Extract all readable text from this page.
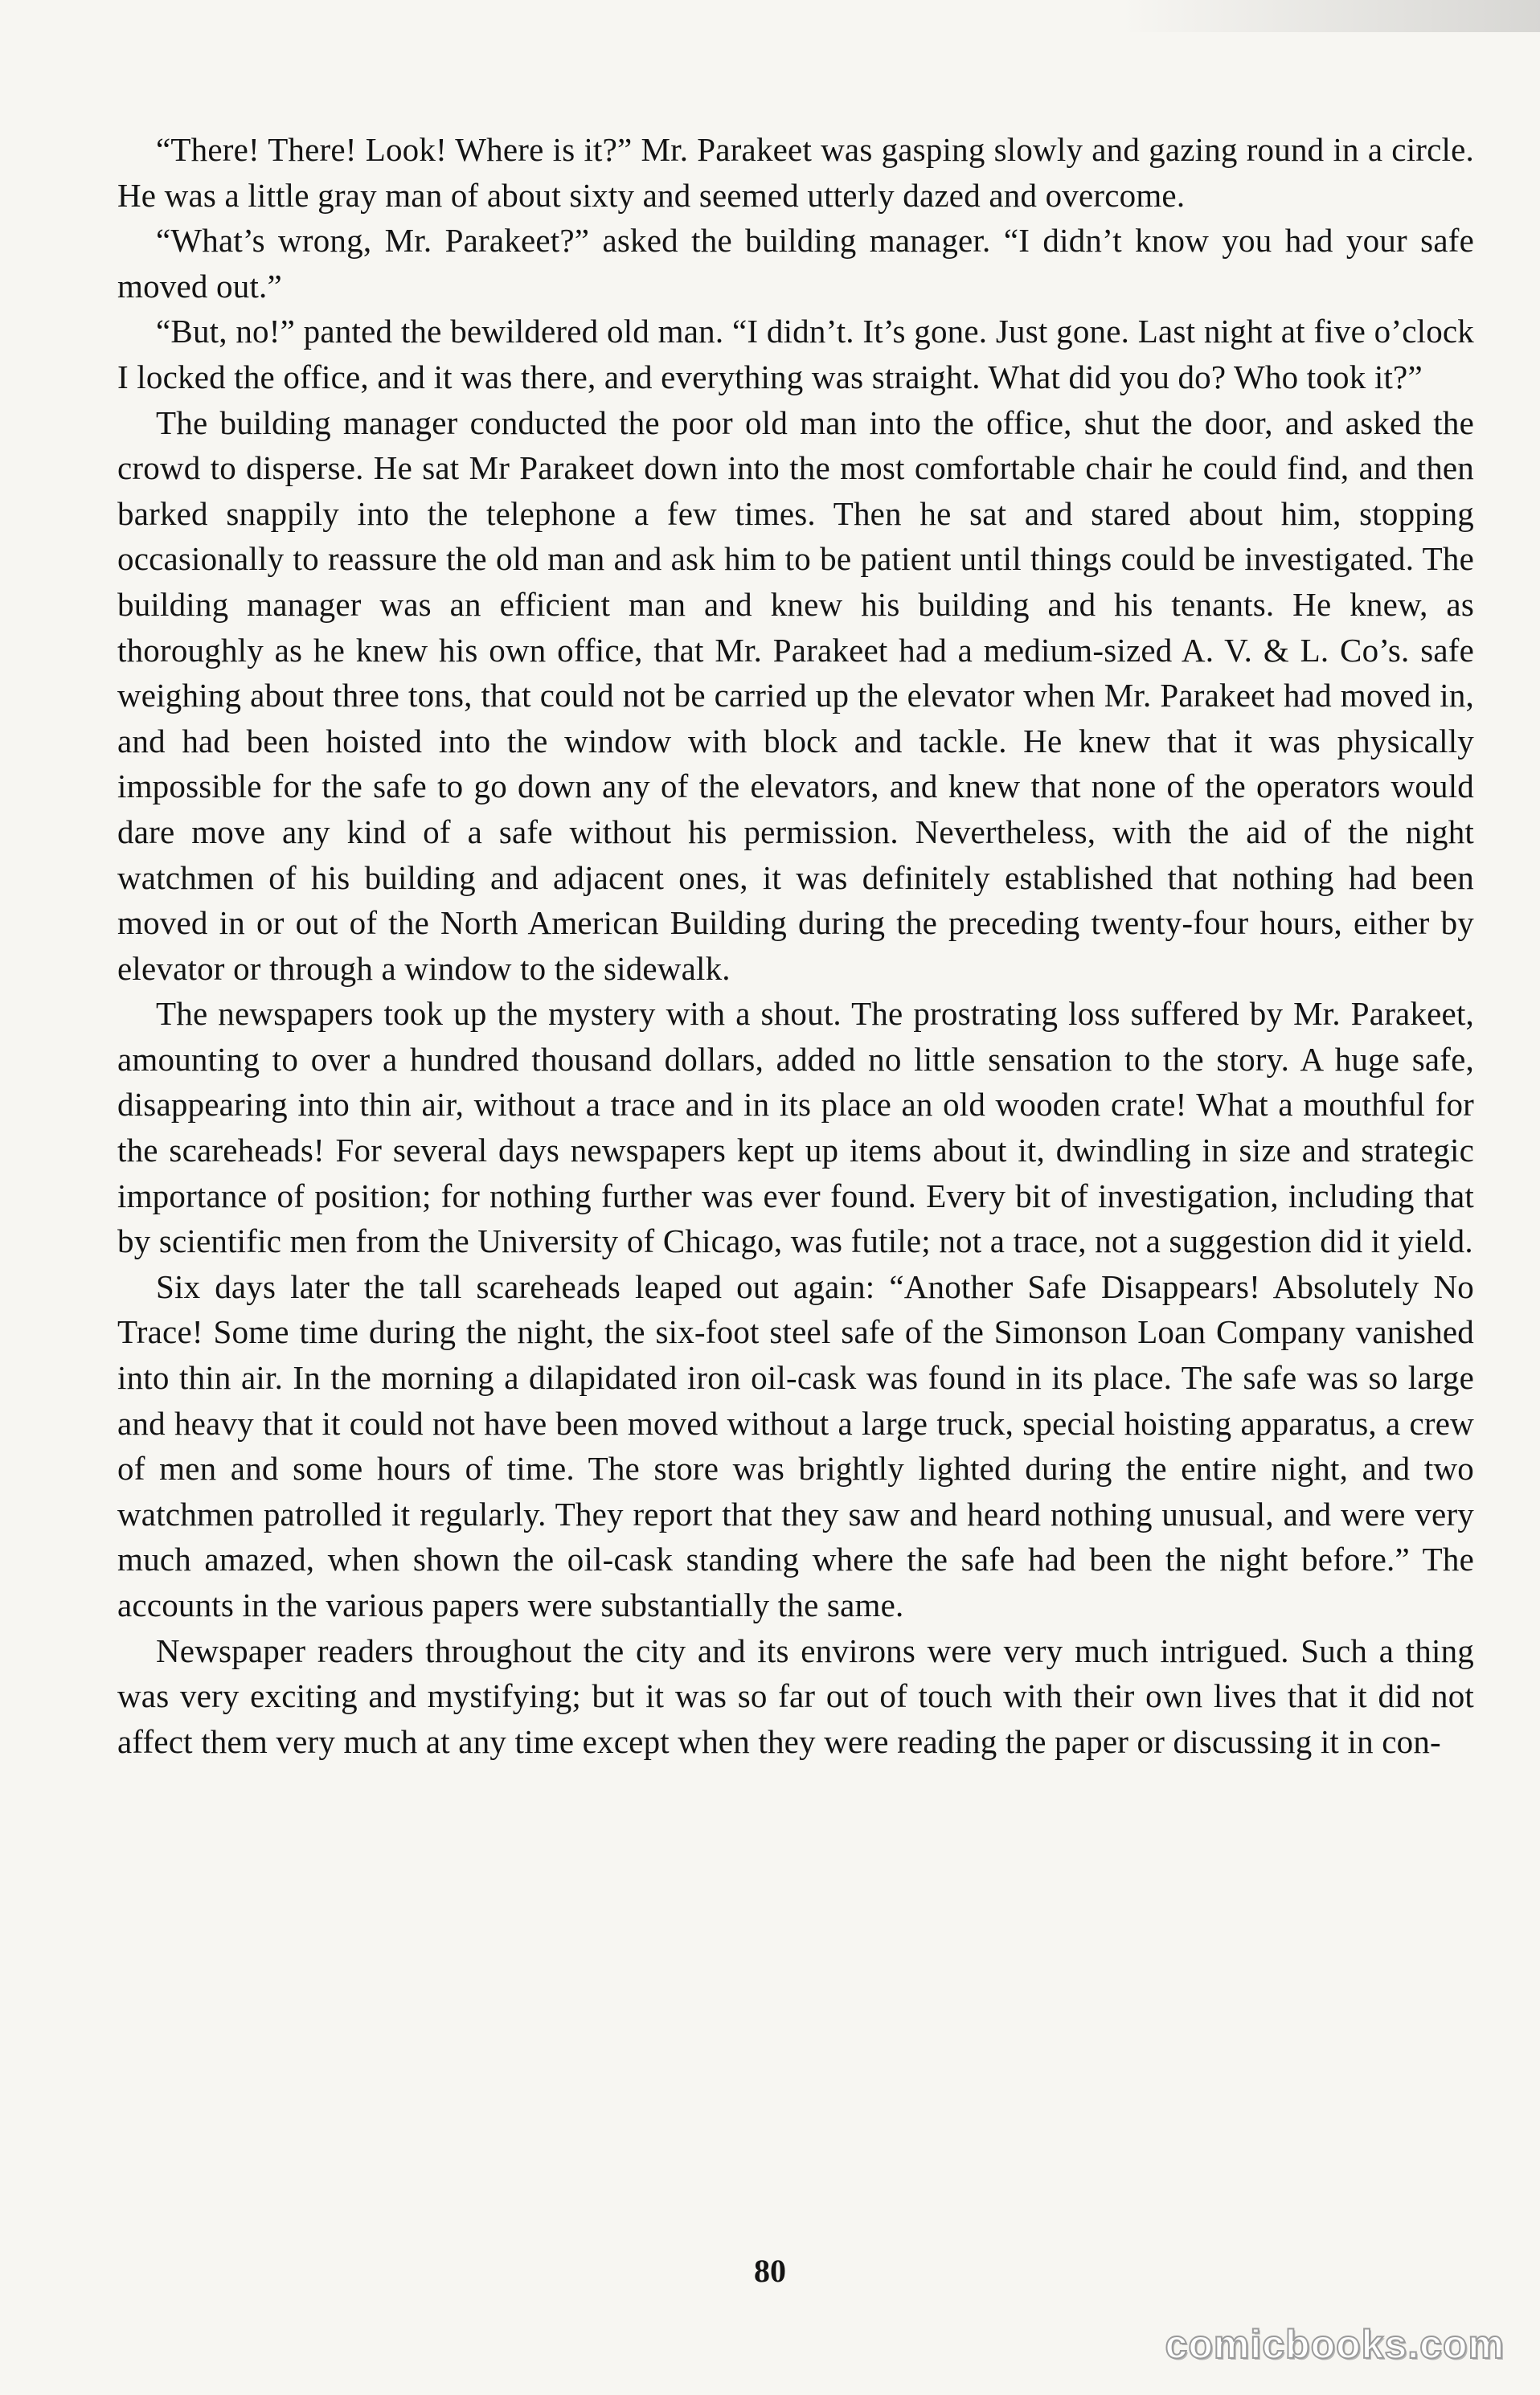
“There! There! Look! Where is it?” Mr. Parakeet was gasping slowly and gazing round in a circle. He was a little gray man of about sixty and seemed utterly dazed and overcome.

“What’s wrong, Mr. Parakeet?” asked the building manager. “I didn’t know you had your safe moved out.”

“But, no!” panted the bewildered old man. “I didn’t. It’s gone. Just gone. Last night at five o’clock I locked the office, and it was there, and everything was straight. What did you do? Who took it?”

The building manager conducted the poor old man into the office, shut the door, and asked the crowd to disperse. He sat Mr Parakeet down into the most comfortable chair he could find, and then barked snappily into the telephone a few times. Then he sat and stared about him, stopping occasionally to reassure the old man and ask him to be patient until things could be investigated. The building manager was an efficient man and knew his building and his tenants. He knew, as thoroughly as he knew his own office, that Mr. Parakeet had a medium-sized A. V. & L. Co’s. safe weighing about three tons, that could not be carried up the elevator when Mr. Parakeet had moved in, and had been hoisted into the window with block and tackle. He knew that it was physically impossible for the safe to go down any of the elevators, and knew that none of the operators would dare move any kind of a safe without his permission. Nevertheless, with the aid of the night watchmen of his building and adjacent ones, it was definitely established that nothing had been moved in or out of the North American Building during the preceding twenty-four hours, either by elevator or through a window to the sidewalk.

The newspapers took up the mystery with a shout. The prostrating loss suffered by Mr. Parakeet, amounting to over a hundred thousand dollars, added no little sensation to the story. A huge safe, disappearing into thin air, without a trace and in its place an old wooden crate! What a mouthful for the scareheads! For several days newspapers kept up items about it, dwindling in size and strategic importance of position; for nothing further was ever found. Every bit of investigation, including that by scientific men from the University of Chicago, was futile; not a trace, not a suggestion did it yield.

Six days later the tall scareheads leaped out again: “Another Safe Disappears! Absolutely No Trace! Some time during the night, the six-foot steel safe of the Simonson Loan Company vanished into thin air. In the morning a dilapidated iron oil-cask was found in its place. The safe was so large and heavy that it could not have been moved without a large truck, special hoisting apparatus, a crew of men and some hours of time. The store was brightly lighted during the entire night, and two watchmen patrolled it regularly. They report that they saw and heard nothing unusual, and were very much amazed, when shown the oil-cask standing where the safe had been the night before.” The accounts in the various papers were substantially the same.

Newspaper readers throughout the city and its environs were very much intrigued. Such a thing was very exciting and mystifying; but it was so far out of touch with their own lives that it did not affect them very much at any time except when they were reading the paper or discussing it in con-

80
comicbooks.com
